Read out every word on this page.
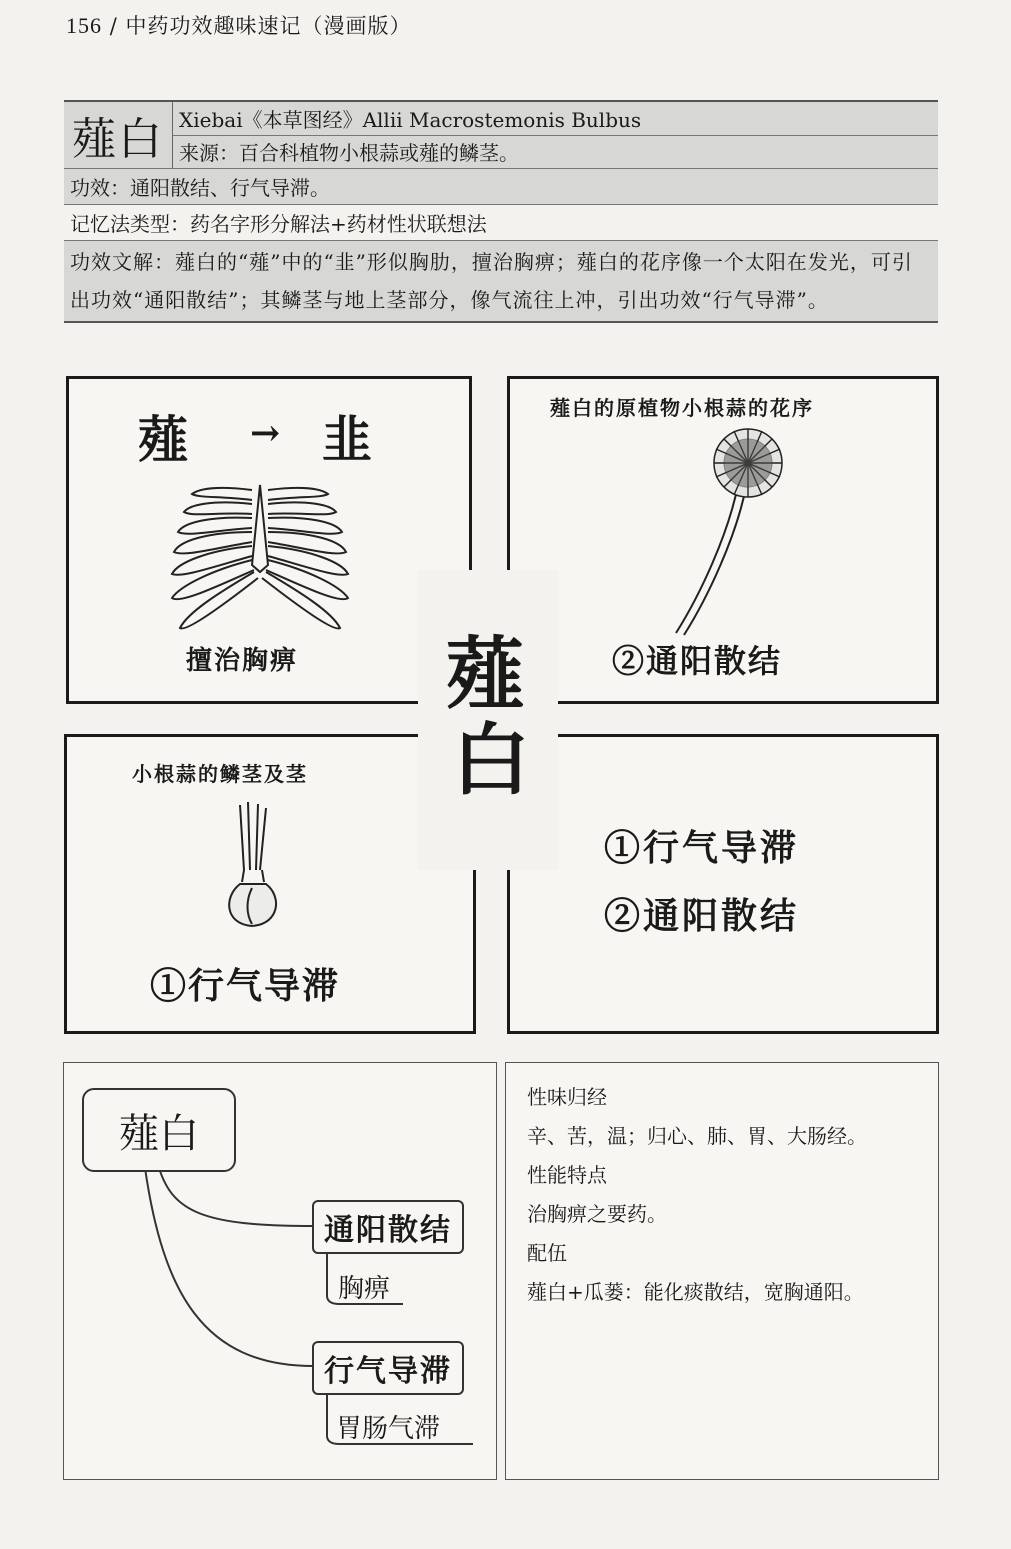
156 / 中药功效趣味速记（漫画版）
薤白 Xiebai《本草图经》Allii Macrostemonis Bulbus
来源：百合科植物小根蒜或薤的鳞茎。
功效：通阳散结、行气导滞。
记忆法类型：药名字形分解法+药材性状联想法
功效文解：薤白的“薤”中的“韭”形似胸肋，擅治胸痹；薤白的花序像一个太阳在发光，可引出功效“通阳散结”；其鳞茎与地上茎部分，像气流往上冲，引出功效“行气导滞”。
薤
白
薤 → 韭
擅治胸痹
薤白的原植物小根蒜的花序
②通阳散结
小根蒜的鳞茎及茎
①行气导滞
①行气导滞
②通阳散结
薤白
通阳散结
胸痹
行气导滞
胃肠气滞
性味归经
辛、苦，温；归心、肺、胃、大肠经。
性能特点
治胸痹之要药。
配伍
薤白+瓜蒌：能化痰散结，宽胸通阳。
